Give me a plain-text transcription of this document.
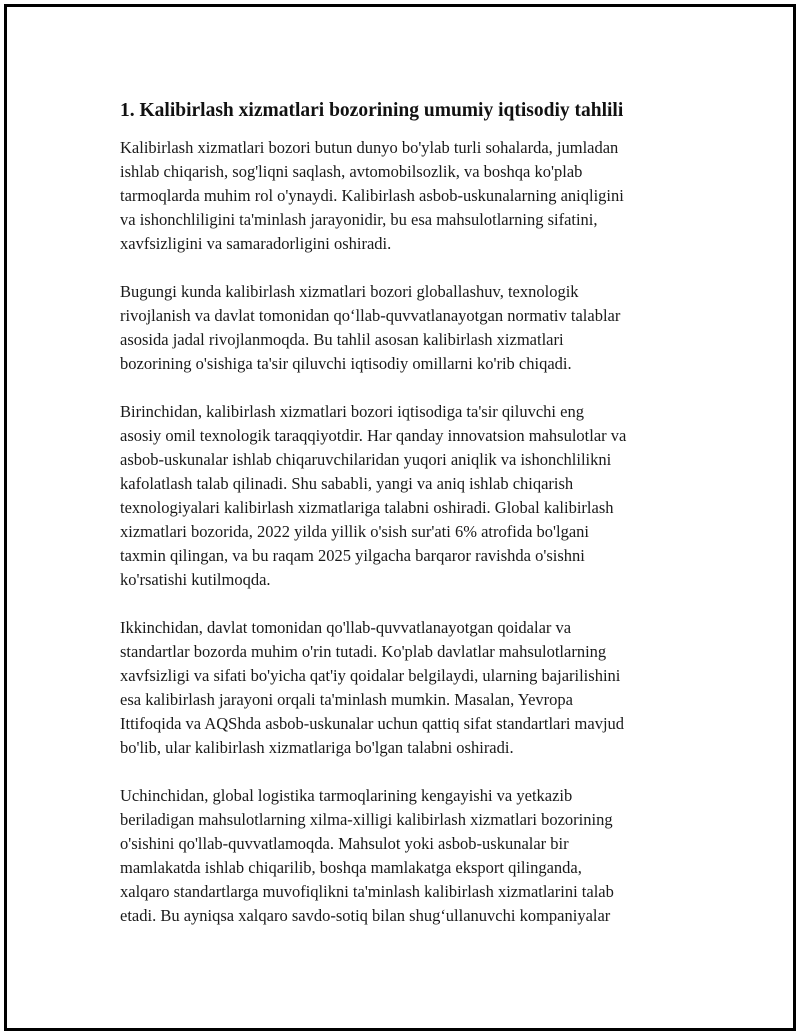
1. Kalibirlash xizmatlari bozorining umumiy iqtisodiy tahlili

Kalibirlash xizmatlari bozori butun dunyo bo'ylab turli sohalarda, jumladan
ishlab chiqarish, sog'liqni saqlash, avtomobilsozlik, va boshqa ko'plab
tarmoqlarda muhim rol o'ynaydi. Kalibirlash asbob-uskunalarning aniqligini
va ishonchliligini ta'minlash jarayonidir, bu esa mahsulotlarning sifatini,
xavfsizligini va samaradorligini oshiradi.

Bugungi kunda kalibirlash xizmatlari bozori globallashuv, texnologik
rivojlanish va davlat tomonidan qo‘llab-quvvatlanayotgan normativ talablar
asosida jadal rivojlanmoqda. Bu tahlil asosan kalibirlash xizmatlari
bozorining o'sishiga ta'sir qiluvchi iqtisodiy omillarni ko'rib chiqadi.

Birinchidan, kalibirlash xizmatlari bozori iqtisodiga ta'sir qiluvchi eng
asosiy omil texnologik taraqqiyotdir. Har qanday innovatsion mahsulotlar va
asbob-uskunalar ishlab chiqaruvchilaridan yuqori aniqlik va ishonchlilikni
kafolatlash talab qilinadi. Shu sababli, yangi va aniq ishlab chiqarish
texnologiyalari kalibirlash xizmatlariga talabni oshiradi. Global kalibirlash
xizmatlari bozorida, 2022 yilda yillik o'sish sur'ati 6% atrofida bo'lgani
taxmin qilingan, va bu raqam 2025 yilgacha barqaror ravishda o'sishni
ko'rsatishi kutilmoqda.

Ikkinchidan, davlat tomonidan qo'llab-quvvatlanayotgan qoidalar va
standartlar bozorda muhim o'rin tutadi. Ko'plab davlatlar mahsulotlarning
xavfsizligi va sifati bo'yicha qat'iy qoidalar belgilaydi, ularning bajarilishini
esa kalibirlash jarayoni orqali ta'minlash mumkin. Masalan, Yevropa
Ittifoqida va AQShda asbob-uskunalar uchun qattiq sifat standartlari mavjud
bo'lib, ular kalibirlash xizmatlariga bo'lgan talabni oshiradi.

Uchinchidan, global logistika tarmoqlarining kengayishi va yetkazib
beriladigan mahsulotlarning xilma-xilligi kalibirlash xizmatlari bozorining
o'sishini qo'llab-quvvatlamoqda. Mahsulot yoki asbob-uskunalar bir
mamlakatda ishlab chiqarilib, boshqa mamlakatga eksport qilinganda,
xalqaro standartlarga muvofiqlikni ta'minlash kalibirlash xizmatlarini talab
etadi. Bu ayniqsa xalqaro savdo-sotiq bilan shug‘ullanuvchi kompaniyalar
